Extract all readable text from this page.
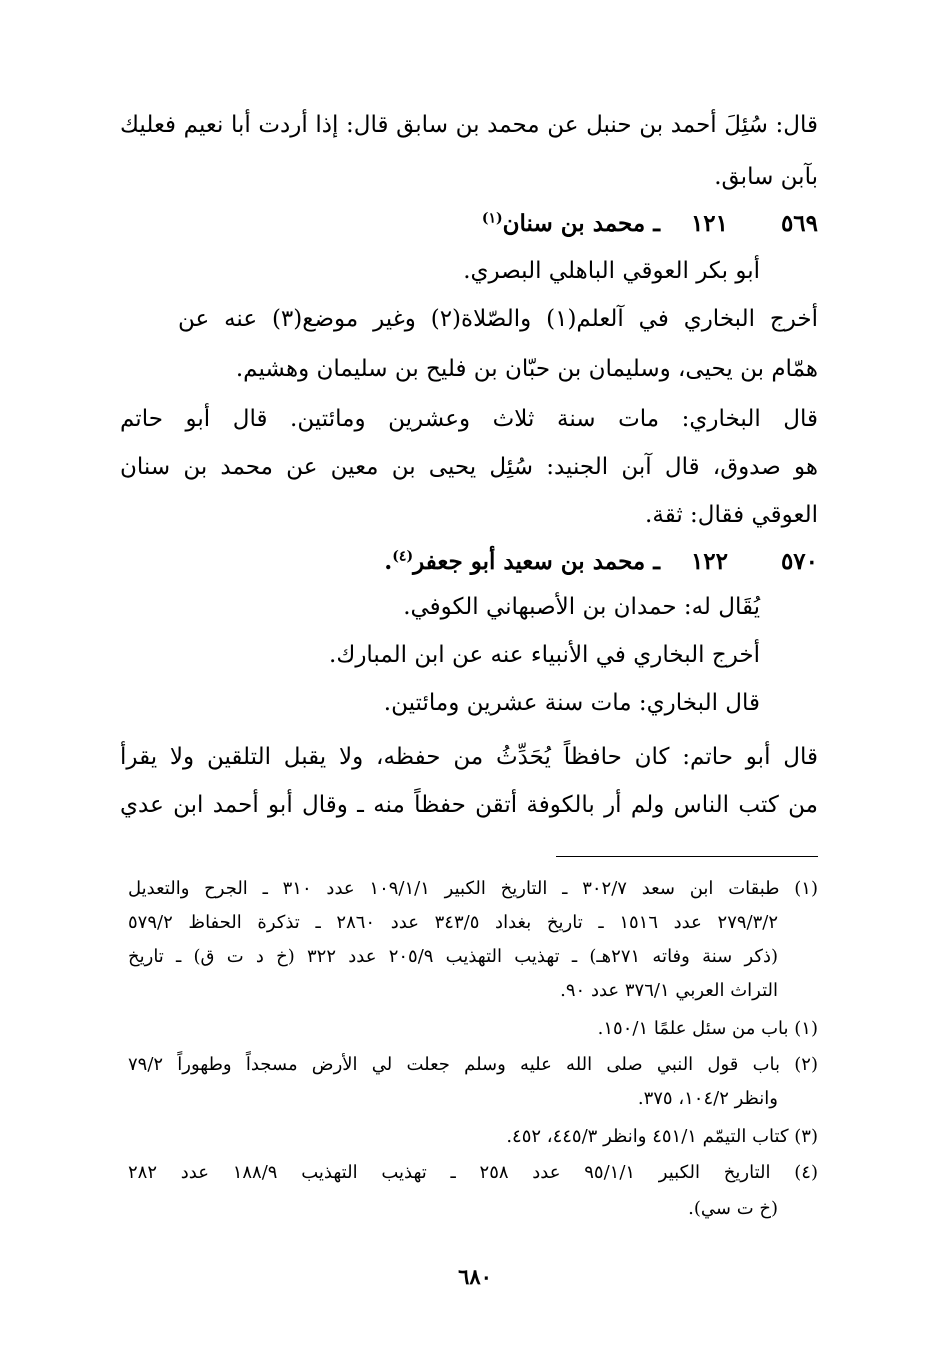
قال: سُئِلَ أحمد بن حنبل عن محمد بن سابق قال: إذا أردت أبا نعيم فعليك
بآبن سابق.
٥٦٩١٢١ ـ محمد بن سنان$^{(١)}$
أبو بكر العوقي الباهلي البصري.
أخرج البخاري في آلعلم(١) والصّلاة(٢) وغير موضع(٣) عنه عن
همّام بن يحيى، وسليمان بن حبّان بن فليح بن سليمان وهشيم.
قال البخاري: مات سنة ثلاث وعشرين ومائتين. قال أبو حاتم
هو صدوق، قال آبن الجنيد: سُئِل يحيى بن معين عن محمد بن سنان
العوقي فقال: ثقة.
٥٧٠١٢٢ ـ محمد بن سعيد أبو جعفر$^{(٤)}$.
يُقَال له: حمدان بن الأصبهاني الكوفي.
أخرج البخاري في الأنبياء عنه عن ابن المبارك.
قال البخاري: مات سنة عشرين ومائتين.
قال أبو حاتم: كان حافظاً يُحَدِّثُ من حفظه، ولا يقبل التلقين ولا يقرأ
من كتب الناس ولم أر بالكوفة أتقن حفظاً منه ـ وقال أبو أحمد ابن عدي
(١) طبقات ابن سعد ٣٠٢/٧ ـ التاريخ الكبير ١٠٩/١/١ عدد ٣١٠ ـ الجرح والتعديل
٢٧٩/٣/٢ عدد ١٥١٦ ـ تاريخ بغداد ٣٤٣/٥ عدد ٢٨٦٠ ـ تذكرة الحفاظ ٥٧٩/٢
(ذكر سنة وفاته ٢٧١هـ) ـ تهذيب التهذيب ٢٠٥/٩ عدد ٣٢٢ (خ د ت ق) ـ تاريخ
التراث العربي ٣٧٦/١ عدد ٩٠.
(١) باب من سئل علمًا ١٥٠/١.
(٢) باب قول النبي صلى الله عليه وسلم جعلت لي الأرض مسجداً وطهوراً ٧٩/٢
وانظر ١٠٤/٢، ٣٧٥.
(٣) كتاب التيمّم ٤٥١/١ وانظر ٤٤٥/٣، ٤٥٢.
(٤) التاريخ الكبير ٩٥/١/١ عدد ٢٥٨ ـ تهذيب التهذيب ١٨٨/٩ عدد ٢٨٢
(خ ت سي).
٦٨٠
